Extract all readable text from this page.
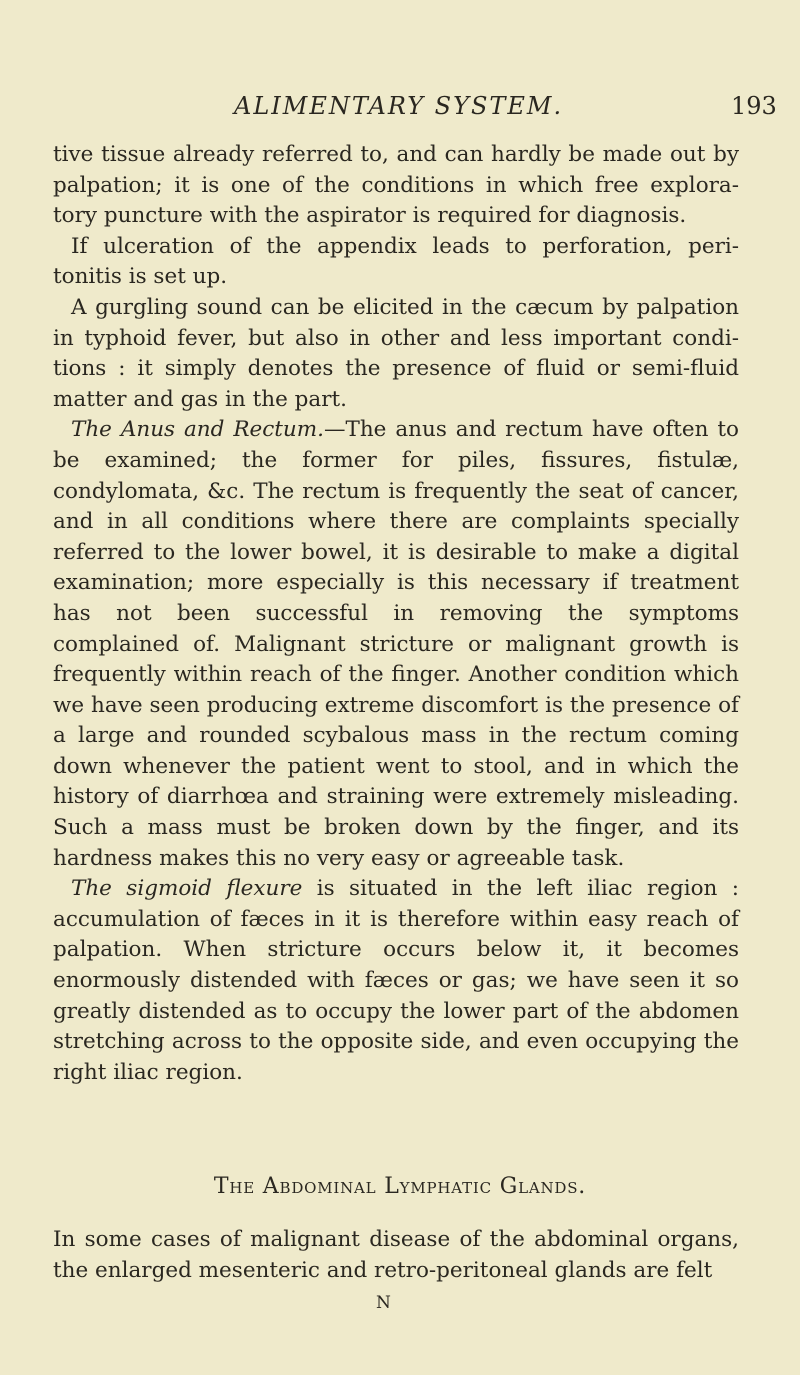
ALIMENTARY SYSTEM.	193

tive tissue already referred to, and can hardly be made out by palpation; it is one of the conditions in which free explora- tory puncture with the aspirator is required for diagnosis.

If ulceration of the appendix leads to perforation, peri- tonitis is set up.

A gurgling sound can be elicited in the cæcum by palpation in typhoid fever, but also in other and less important condi- tions : it simply denotes the presence of fluid or semi-fluid matter and gas in the part.

The Anus and Rectum.—The anus and rectum have often to be examined; the former for piles, fissures, fistulæ, condylomata, &c. The rectum is frequently the seat of cancer, and in all conditions where there are complaints specially referred to the lower bowel, it is desirable to make a digital examination; more especially is this necessary if treatment has not been successful in removing the symptoms complained of. Malignant stricture or malignant growth is frequently within reach of the finger. Another condition which we have seen producing extreme discomfort is the presence of a large and rounded scybalous mass in the rectum coming down whenever the patient went to stool, and in which the history of diarrhœa and straining were extremely misleading. Such a mass must be broken down by the finger, and its hardness makes this no very easy or agreeable task.

The sigmoid flexure is situated in the left iliac region : accumulation of fæces in it is therefore within easy reach of palpation. When stricture occurs below it, it becomes enormously distended with fæces or gas; we have seen it so greatly distended as to occupy the lower part of the abdomen stretching across to the opposite side, and even occupying the right iliac region.

The Abdominal Lymphatic Glands.

In some cases of malignant disease of the abdominal organs, the enlarged mesenteric and retro-peritoneal glands are felt

N
